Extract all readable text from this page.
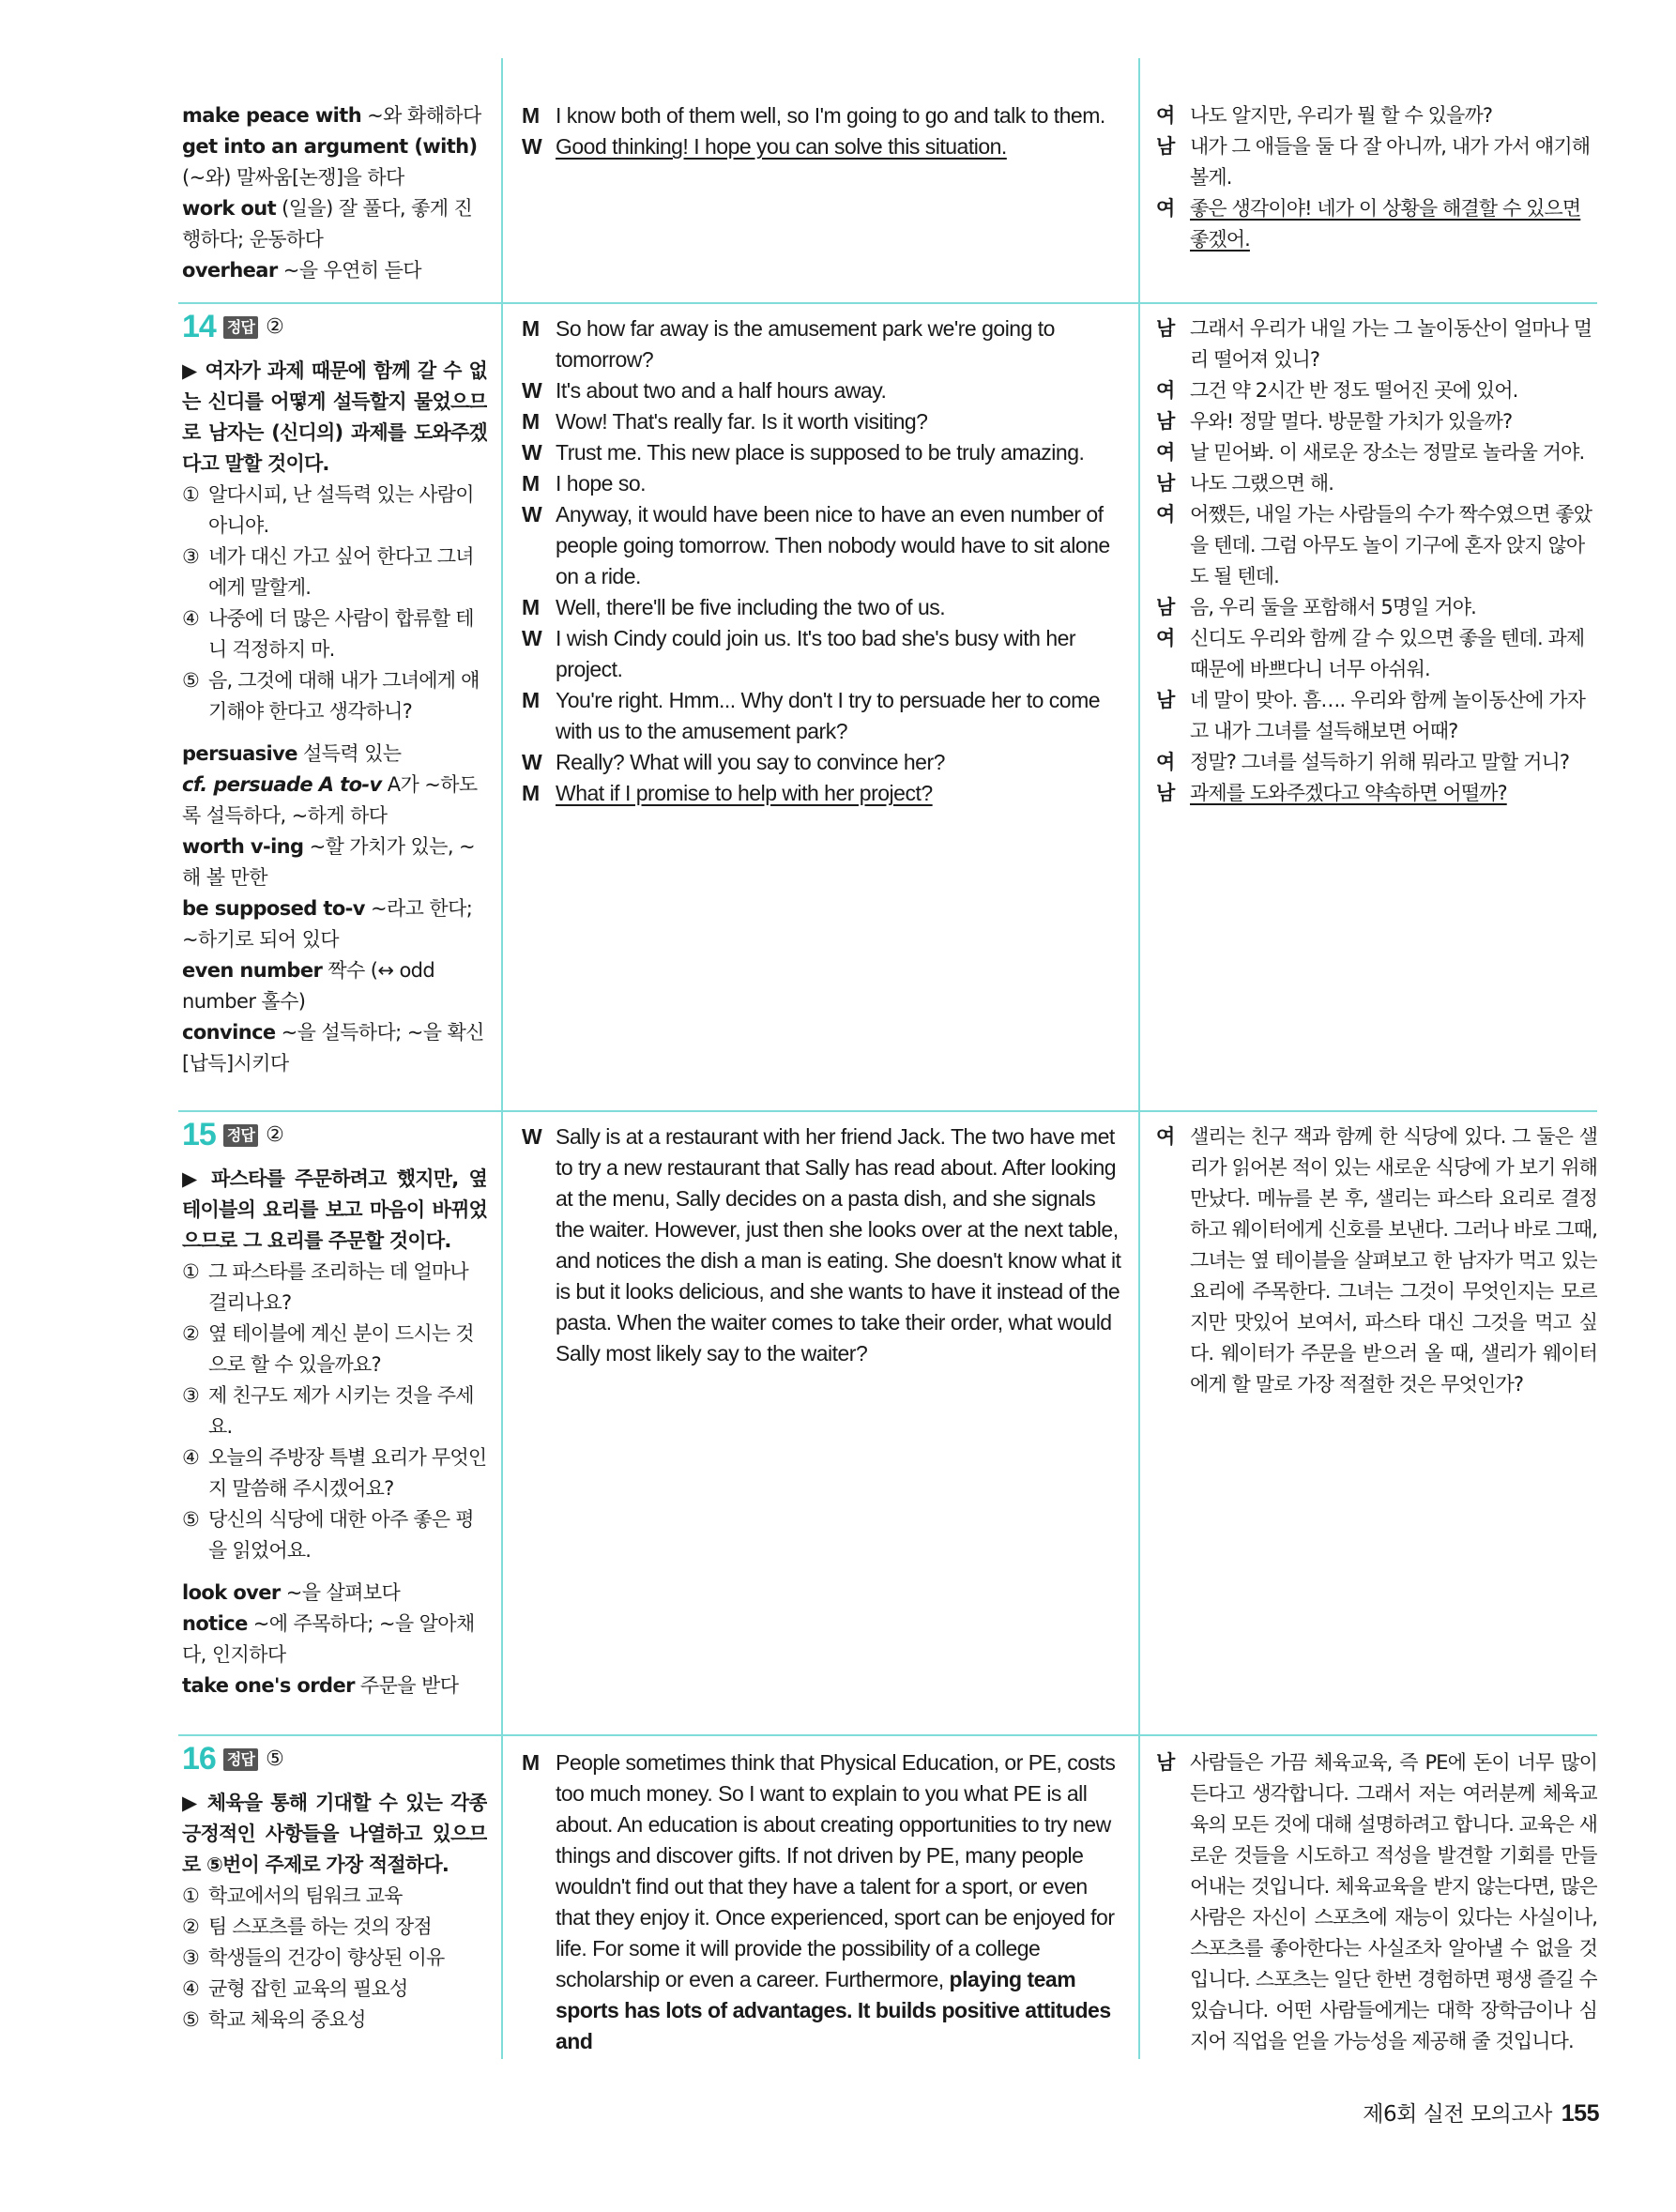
make peace with ~와 화해하다

get into an argument (with)
(~와) 말싸움[논쟁]을 하다

work out (일을) 잘 풀다, 좋게 진행하다; 운동하다

overhear ~을 우연히 듣다

M I know both of them well, so I'm going to go and talk to them.
W Good thinking! I hope you can solve this situation.
여 나도 알지만, 우리가 뭘 할 수 있을까?
남 내가 그 애들을 둘 다 잘 아니까, 내가 가서 얘기해 볼게.
여 좋은 생각이야! 네가 이 상황을 해결할 수 있으면 좋겠어.
14 정답 ②

▶ 여자가 과제 때문에 함께 갈 수 없는 신디를 어떻게 설득할지 물었으므로 남자는 (신디의) 과제를 도와주겠다고 말할 것이다.

① 알다시피, 난 설득력 있는 사람이 아니야.
③ 네가 대신 가고 싶어 한다고 그녀에게 말할게.
④ 나중에 더 많은 사람이 합류할 테니 걱정하지 마.
⑤ 음, 그것에 대해 내가 그녀에게 얘기해야 한다고 생각하니?

persuasive 설득력 있는

cf. persuade A to-v A가 ~하도록 설득하다, ~하게 하다

worth v-ing ~할 가치가 있는, ~해 볼 만한

be supposed to-v ~라고 한다; ~하기로 되어 있다

even number 짝수 (↔ odd number 홀수)

convince ~을 설득하다; ~을 확신[납득]시키다

M So how far away is the amusement park we're going to tomorrow?
W It's about two and a half hours away.
M Wow! That's really far. Is it worth visiting?
W Trust me. This new place is supposed to be truly amazing.
M I hope so.
W Anyway, it would have been nice to have an even number of people going tomorrow. Then nobody would have to sit alone on a ride.
M Well, there'll be five including the two of us.
W I wish Cindy could join us. It's too bad she's busy with her project.
M You're right. Hmm... Why don't I try to persuade her to come with us to the amusement park?
W Really? What will you say to convince her?
M What if I promise to help with her project?
남 그래서 우리가 내일 가는 그 놀이동산이 얼마나 멀리 떨어져 있니?
여 그건 약 2시간 반 정도 떨어진 곳에 있어.
남 우와! 정말 멀다. 방문할 가치가 있을까?
여 날 믿어봐. 이 새로운 장소는 정말로 놀라울 거야.
남 나도 그랬으면 해.
여 어쨌든, 내일 가는 사람들의 수가 짝수였으면 좋았을 텐데. 그럼 아무도 놀이 기구에 혼자 앉지 않아도 될 텐데.
남 음, 우리 둘을 포함해서 5명일 거야.
여 신디도 우리와 함께 갈 수 있으면 좋을 텐데. 과제 때문에 바쁘다니 너무 아쉬워.
남 네 말이 맞아. 흠…. 우리와 함께 놀이동산에 가자고 내가 그녀를 설득해보면 어때?
여 정말? 그녀를 설득하기 위해 뭐라고 말할 거니?
남 과제를 도와주겠다고 약속하면 어떨까?
15 정답 ②

▶ 파스타를 주문하려고 했지만, 옆 테이블의 요리를 보고 마음이 바뀌었으므로 그 요리를 주문할 것이다.

① 그 파스타를 조리하는 데 얼마나 걸리나요?
② 옆 테이블에 계신 분이 드시는 것으로 할 수 있을까요?
③ 제 친구도 제가 시키는 것을 주세요.
④ 오늘의 주방장 특별 요리가 무엇인지 말씀해 주시겠어요?
⑤ 당신의 식당에 대한 아주 좋은 평을 읽었어요.

look over ~을 살펴보다

notice ~에 주목하다; ~을 알아채다, 인지하다

take one's order 주문을 받다

W Sally is at a restaurant with her friend Jack. The two have met to try a new restaurant that Sally has read about. After looking at the menu, Sally decides on a pasta dish, and she signals the waiter. However, just then she looks over at the next table, and notices the dish a man is eating. She doesn't know what it is but it looks delicious, and she wants to have it instead of the pasta. When the waiter comes to take their order, what would Sally most likely say to the waiter?
여 샐리는 친구 잭과 함께 한 식당에 있다. 그 둘은 샐리가 읽어본 적이 있는 새로운 식당에 가 보기 위해 만났다. 메뉴를 본 후, 샐리는 파스타 요리로 결정하고 웨이터에게 신호를 보낸다. 그러나 바로 그때, 그녀는 옆 테이블을 살펴보고 한 남자가 먹고 있는 요리에 주목한다. 그녀는 그것이 무엇인지는 모르지만 맛있어 보여서, 파스타 대신 그것을 먹고 싶다. 웨이터가 주문을 받으러 올 때, 샐리가 웨이터에게 할 말로 가장 적절한 것은 무엇인가?
16 정답 ⑤

▶ 체육을 통해 기대할 수 있는 각종 긍정적인 사항들을 나열하고 있으므로 ⑤번이 주제로 가장 적절하다.

① 학교에서의 팀워크 교육
② 팀 스포츠를 하는 것의 장점
③ 학생들의 건강이 향상된 이유
④ 균형 잡힌 교육의 필요성
⑤ 학교 체육의 중요성
M People sometimes think that Physical Education, or PE, costs too much money. So I want to explain to you what PE is all about. An education is about creating opportunities to try new things and discover gifts. If not driven by PE, many people wouldn't find out that they have a talent for a sport, or even that they enjoy it. Once experienced, sport can be enjoyed for life. For some it will provide the possibility of a college scholarship or even a career. Furthermore, playing team sports has lots of advantages. It builds positive attitudes and
남 사람들은 가끔 체육교육, 즉 PE에 돈이 너무 많이 든다고 생각합니다. 그래서 저는 여러분께 체육교육의 모든 것에 대해 설명하려고 합니다. 교육은 새로운 것들을 시도하고 적성을 발견할 기회를 만들어내는 것입니다. 체육교육을 받지 않는다면, 많은 사람은 자신이 스포츠에 재능이 있다는 사실이나, 스포츠를 좋아한다는 사실조차 알아낼 수 없을 것입니다. 스포츠는 일단 한번 경험하면 평생 즐길 수 있습니다. 어떤 사람들에게는 대학 장학금이나 심지어 직업을 얻을 가능성을 제공해 줄 것입니다.
제6회 실전 모의고사 155
